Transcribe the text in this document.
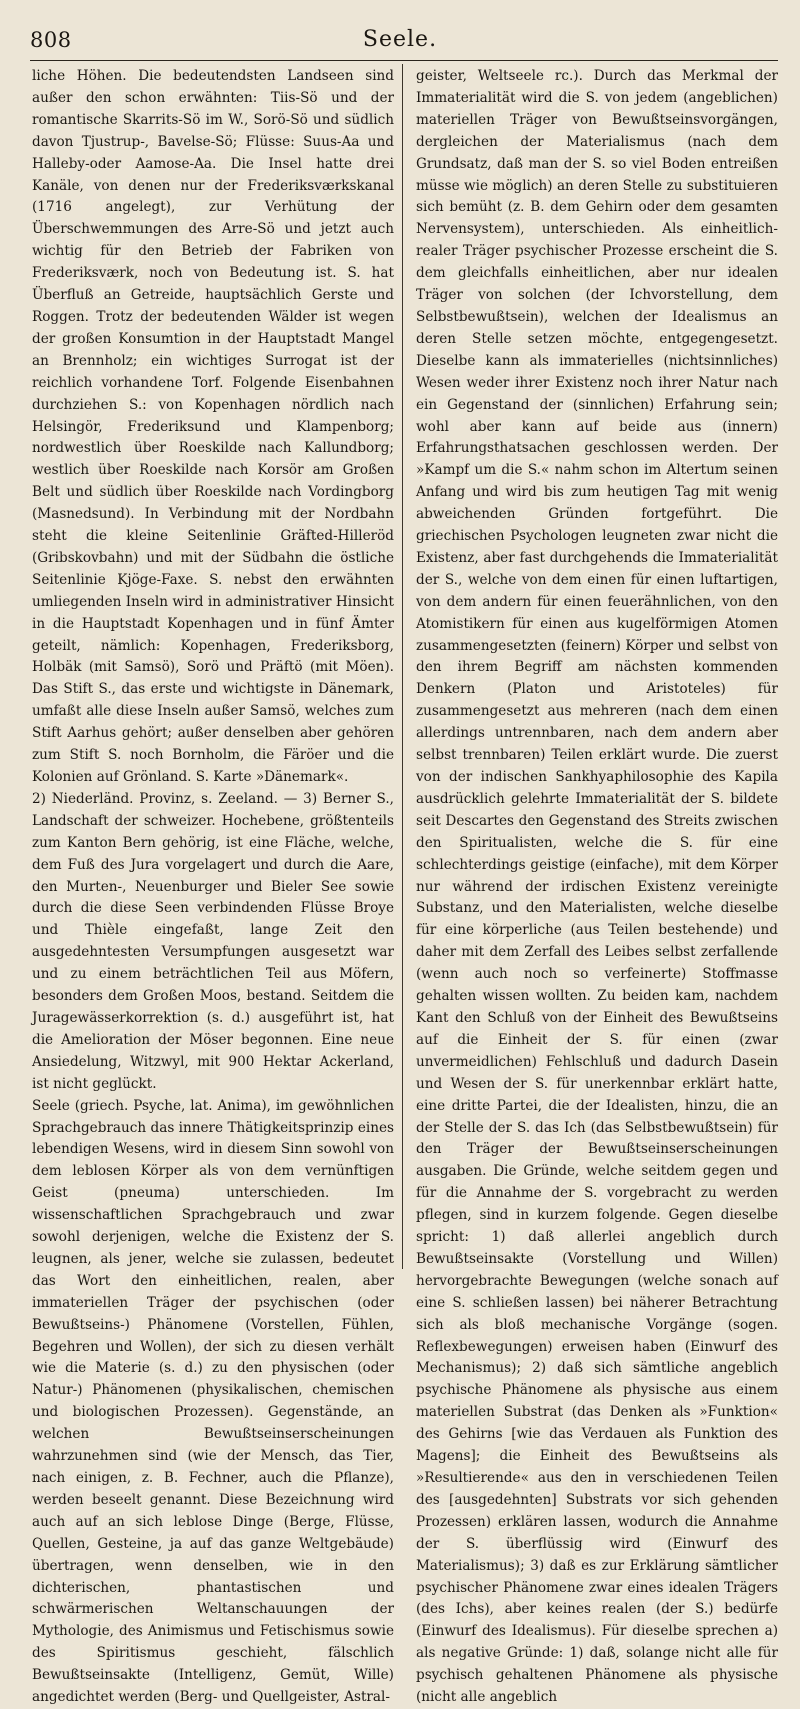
808	Seele.

liche Höhen. Die bedeutendsten Landseen sind außer den schon erwähnten: Tiis-Sö und der romantische Skarrits-Sö im W., Sorö-Sö und südlich davon Tjustrup-, Bavelse-Sö; Flüsse: Suus-Aa und Halleby-oder Aamose-Aa. Die Insel hatte drei Kanäle, von denen nur der Frederiksværkskanal (1716 angelegt), zur Verhütung der Überschwemmungen des Arre-Sö und jetzt auch wichtig für den Betrieb der Fabriken von Frederiksværk, noch von Bedeutung ist. S. hat Überfluß an Getreide, hauptsächlich Gerste und Roggen. Trotz der bedeutenden Wälder ist wegen der großen Konsumtion in der Hauptstadt Mangel an Brennholz; ein wichtiges Surrogat ist der reichlich vorhandene Torf. Folgende Eisenbahnen durchziehen S.: von Kopenhagen nördlich nach Helsingör, Frederiksund und Klampenborg; nordwestlich über Roeskilde nach Kallundborg; westlich über Roeskilde nach Korsör am Großen Belt und südlich über Roeskilde nach Vordingborg (Masnedsund). In Verbindung mit der Nordbahn steht die kleine Seitenlinie Gräfted-Hilleröd (Gribskovbahn) und mit der Südbahn die östliche Seitenlinie Kjöge-Faxe. S. nebst den erwähnten umliegenden Inseln wird in administrativer Hinsicht in die Hauptstadt Kopenhagen und in fünf Ämter geteilt, nämlich: Kopenhagen, Frederiksborg, Holbäk (mit Samsö), Sorö und Präftö (mit Möen). Das Stift S., das erste und wichtigste in Dänemark, umfaßt alle diese Inseln außer Samsö, welches zum Stift Aarhus gehört; außer denselben aber gehören zum Stift S. noch Bornholm, die Färöer und die Kolonien auf Grönland. S. Karte »Dänemark«.

2) Niederländ. Provinz, s. Zeeland. — 3) Berner S., Landschaft der schweizer. Hochebene, größtenteils zum Kanton Bern gehörig, ist eine Fläche, welche, dem Fuß des Jura vorgelagert und durch die Aare, den Murten-, Neuenburger und Bieler See sowie durch die diese Seen verbindenden Flüsse Broye und Thièle eingefaßt, lange Zeit den ausgedehntesten Versumpfungen ausgesetzt war und zu einem beträchtlichen Teil aus Möfern, besonders dem Großen Moos, bestand. Seitdem die Juragewässerkorrektion (s. d.) ausgeführt ist, hat die Amelioration der Möser begonnen. Eine neue Ansiedelung, Witzwyl, mit 900 Hektar Ackerland, ist nicht geglückt.

Seele (griech. Psyche, lat. Anima), im gewöhnlichen Sprachgebrauch das innere Thätigkeitsprinzip eines lebendigen Wesens, wird in diesem Sinn sowohl von dem leblosen Körper als von dem vernünftigen Geist (pneuma) unterschieden. Im wissenschaftlichen Sprachgebrauch und zwar sowohl derjenigen, welche die Existenz der S. leugnen, als jener, welche sie zulassen, bedeutet das Wort den einheitlichen, realen, aber immateriellen Träger der psychischen (oder Bewußtseins-) Phänomene (Vorstellen, Fühlen, Begehren und Wollen), der sich zu diesen verhält wie die Materie (s. d.) zu den physischen (oder Natur-) Phänomenen (physikalischen, chemischen und biologischen Prozessen). Gegenstände, an welchen Bewußtseinserscheinungen wahrzunehmen sind (wie der Mensch, das Tier, nach einigen, z. B. Fechner, auch die Pflanze), werden beseelt genannt. Diese Bezeichnung wird auch auf an sich leblose Dinge (Berge, Flüsse, Quellen, Gesteine, ja auf das ganze Weltgebäude) übertragen, wenn denselben, wie in den dichterischen, phantastischen und schwärmerischen Weltanschauungen der Mythologie, des Animismus und Fetischismus sowie des Spiritismus geschieht, fälschlich Bewußtseinsakte (Intelligenz, Gemüt, Wille) angedichtet werden (Berg- und Quellgeister, Astral-

geister, Weltseele rc.). Durch das Merkmal der Immaterialität wird die S. von jedem (angeblichen) materiellen Träger von Bewußtseinsvorgängen, dergleichen der Materialismus (nach dem Grundsatz, daß man der S. so viel Boden entreißen müsse wie möglich) an deren Stelle zu substituieren sich bemüht (z. B. dem Gehirn oder dem gesamten Nervensystem), unterschieden. Als einheitlich-realer Träger psychischer Prozesse erscheint die S. dem gleichfalls einheitlichen, aber nur idealen Träger von solchen (der Ichvorstellung, dem Selbstbewußtsein), welchen der Idealismus an deren Stelle setzen möchte, entgegengesetzt. Dieselbe kann als immaterielles (nichtsinnliches) Wesen weder ihrer Existenz noch ihrer Natur nach ein Gegenstand der (sinnlichen) Erfahrung sein; wohl aber kann auf beide aus (innern) Erfahrungsthatsachen geschlossen werden. Der »Kampf um die S.« nahm schon im Altertum seinen Anfang und wird bis zum heutigen Tag mit wenig abweichenden Gründen fortgeführt. Die griechischen Psychologen leugneten zwar nicht die Existenz, aber fast durchgehends die Immaterialität der S., welche von dem einen für einen luftartigen, von dem andern für einen feuerähnlichen, von den Atomistikern für einen aus kugelförmigen Atomen zusammengesetzten (feinern) Körper und selbst von den ihrem Begriff am nächsten kommenden Denkern (Platon und Aristoteles) für zusammengesetzt aus mehreren (nach dem einen allerdings untrennbaren, nach dem andern aber selbst trennbaren) Teilen erklärt wurde. Die zuerst von der indischen Sankhyaphilosophie des Kapila ausdrücklich gelehrte Immaterialität der S. bildete seit Descartes den Gegenstand des Streits zwischen den Spiritualisten, welche die S. für eine schlechterdings geistige (einfache), mit dem Körper nur während der irdischen Existenz vereinigte Substanz, und den Materialisten, welche dieselbe für eine körperliche (aus Teilen bestehende) und daher mit dem Zerfall des Leibes selbst zerfallende (wenn auch noch so verfeinerte) Stoffmasse gehalten wissen wollten. Zu beiden kam, nachdem Kant den Schluß von der Einheit des Bewußtseins auf die Einheit der S. für einen (zwar unvermeidlichen) Fehlschluß und dadurch Dasein und Wesen der S. für unerkennbar erklärt hatte, eine dritte Partei, die der Idealisten, hinzu, die an der Stelle der S. das Ich (das Selbstbewußtsein) für den Träger der Bewußtseinserscheinungen ausgaben. Die Gründe, welche seitdem gegen und für die Annahme der S. vorgebracht zu werden pflegen, sind in kurzem folgende. Gegen dieselbe spricht: 1) daß allerlei angeblich durch Bewußtseinsakte (Vorstellung und Willen) hervorgebrachte Bewegungen (welche sonach auf eine S. schließen lassen) bei näherer Betrachtung sich als bloß mechanische Vorgänge (sogen. Reflexbewegungen) erweisen haben (Einwurf des Mechanismus); 2) daß sich sämtliche angeblich psychische Phänomene als physische aus einem materiellen Substrat (das Denken als »Funktion« des Gehirns [wie das Verdauen als Funktion des Magens]; die Einheit des Bewußtseins als »Resultierende« aus den in verschiedenen Teilen des [ausgedehnten] Substrats vor sich gehenden Prozessen) erklären lassen, wodurch die Annahme der S. überflüssig wird (Einwurf des Materialismus); 3) daß es zur Erklärung sämtlicher psychischer Phänomene zwar eines idealen Trägers (des Ichs), aber keines realen (der S.) bedürfe (Einwurf des Idealismus). Für dieselbe sprechen a) als negative Gründe: 1) daß, solange nicht alle für psychisch gehaltenen Phänomene als physische (nicht alle angeblich
